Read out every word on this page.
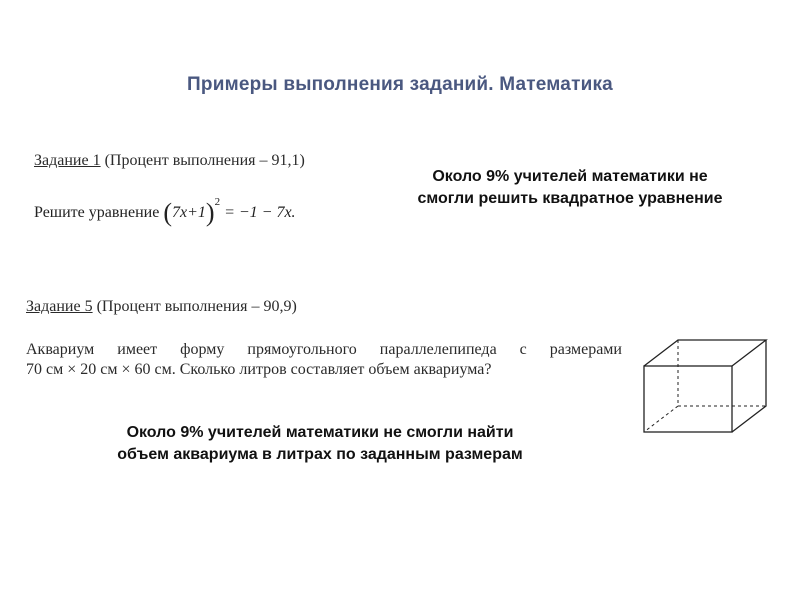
Примеры выполнения заданий. Математика
Задание 1 (Процент выполнения – 91,1)
Решите уравнение $(7x+1)^2 = -1 - 7x$.
Около 9% учителей математики не
смогли решить квадратное уравнение
Задание 5 (Процент выполнения – 90,9)
Аквариум имеет форму прямоугольного параллелепипеда с размерами
70 см × 20 см × 60 см. Сколько литров составляет объем аквариума?
Около 9% учителей математики не смогли найти
объем аквариума в литрах по заданным размерам
